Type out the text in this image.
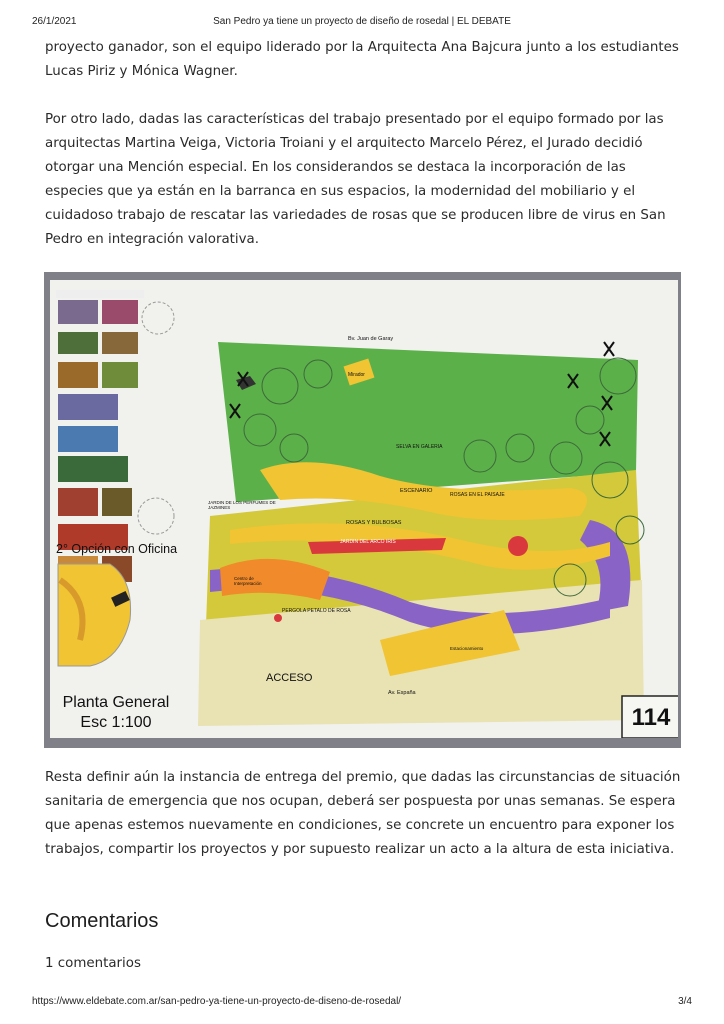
26/1/2021	San Pedro ya tiene un proyecto de diseño de rosedal | EL DEBATE

proyecto ganador, son el equipo liderado por la Arquitecta Ana Bajcura junto a los estudiantes Lucas Piriz y Mónica Wagner.

Por otro lado, dadas las características del trabajo presentado por el equipo formado por las arquitectas Martina Veiga, Victoria Troiani y el arquitecto Marcelo Pérez, el Jurado decidió otorgar una Mención especial. En los considerandos se destaca la incorporación de las especies que ya están en la barranca en sus espacios, la modernidad del mobiliario y el cuidadoso trabajo de rescatar las variedades de rosas que se producen libre de virus en San Pedro en integración valorativa.

2° Opción con Oficina
Bv. Juan de Garay
SELVA EN GALERIA
Mirador
ESCENARIO
ROSAS EN EL PAISAJE
ROSAS Y BULBOSAS
JARDIN DEL ARCO IRIS
JARDIN DE LOS PERFUMES DE JAZMINES
Centro de Interpretación
PERGOLA PETALO DE ROSA
Estacionamiento
ACCESO
Av. España
Planta General
Esc 1:100	114

Resta definir aún la instancia de entrega del premio, que dadas las circunstancias de situación sanitaria de emergencia que nos ocupan, deberá ser pospuesta por unas semanas. Se espera que apenas estemos nuevamente en condiciones, se concrete un encuentro para exponer los trabajos, compartir los proyectos y por supuesto realizar un acto a la altura de esta iniciativa.

Comentarios
1 comentarios
https://www.eldebate.com.ar/san-pedro-ya-tiene-un-proyecto-de-diseno-de-rosedal/	3/4
